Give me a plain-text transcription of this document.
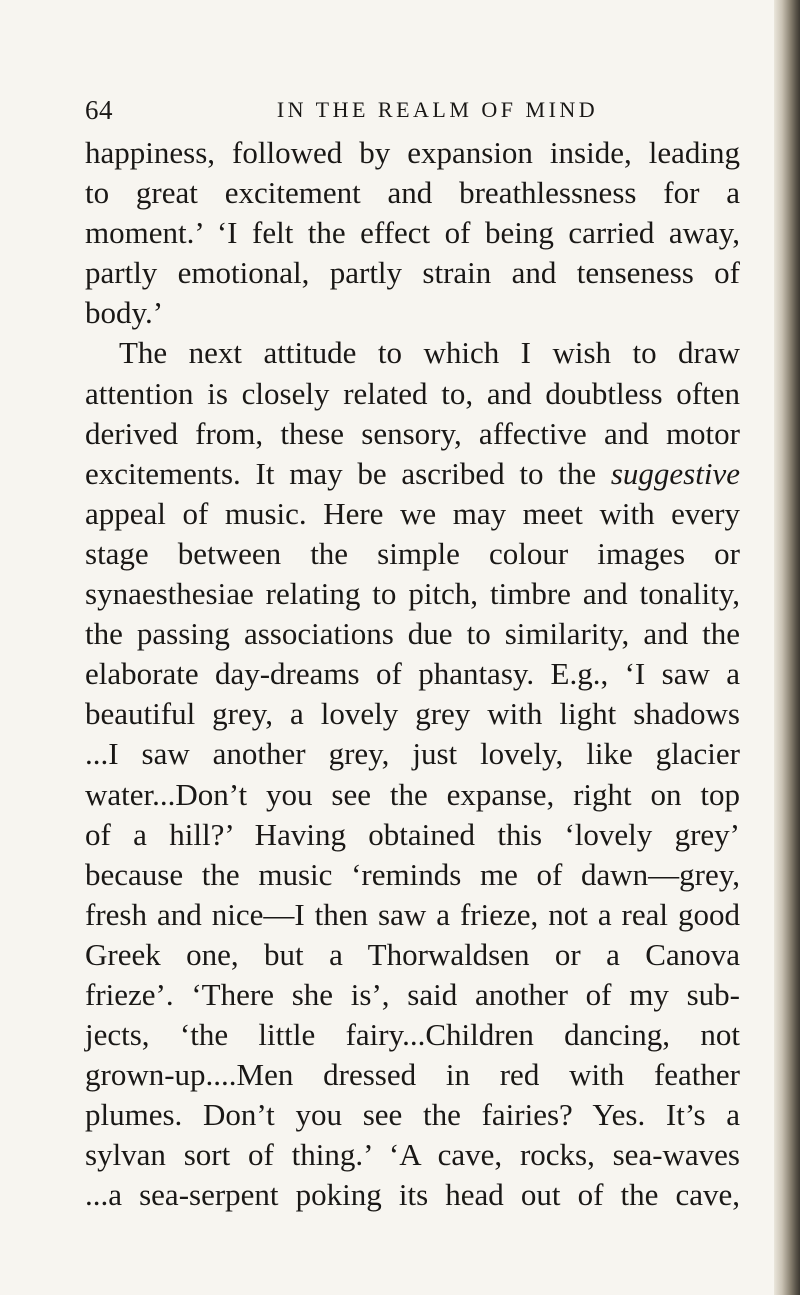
64	IN THE REALM OF MIND
happiness, followed by expansion inside, leading
to great excitement and breathlessness for a
moment.’ ‘I felt the effect of being carried away,
partly emotional, partly strain and tenseness of
body.’
The next attitude to which I wish to draw
attention is closely related to, and doubtless often
derived from, these sensory, affective and motor
excitements. It may be ascribed to the suggestive
appeal of music. Here we may meet with every
stage between the simple colour images or
synaesthesiae relating to pitch, timbre and tonality,
the passing associations due to similarity, and the
elaborate day-dreams of phantasy. E.g., ‘I saw a
beautiful grey, a lovely grey with light shadows
...I saw another grey, just lovely, like glacier
water...Don’t you see the expanse, right on top
of a hill?’ Having obtained this ‘lovely grey’
because the music ‘reminds me of dawn—grey,
fresh and nice—I then saw a frieze, not a real good
Greek one, but a Thorwaldsen or a Canova
frieze’. ‘There she is’, said another of my sub-
jects, ‘the little fairy...Children dancing, not
grown-up....Men dressed in red with feather
plumes. Don’t you see the fairies? Yes. It’s a
sylvan sort of thing.’ ‘A cave, rocks, sea-waves
...a sea-serpent poking its head out of the cave,
